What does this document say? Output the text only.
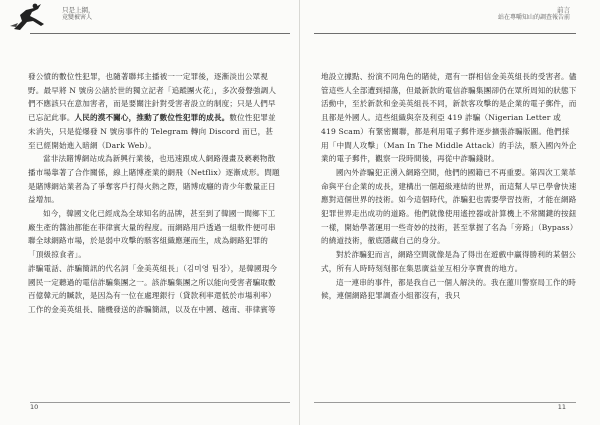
只是上網，
竟變被害人

發公憤的數位性犯罪，也隨著聯邦主播被一一定罪後，逐漸淡出公眾視野。最早將 N 號房公諸於世的獨立記者「追蹤團火花」，多次發聲強調人們不應該只在意加害者，而是要關注針對受害者設立的制度；只是人們早已忘記此事。人民的漠不關心，推動了數位性犯罪的成長。數位性犯罪並未消失，只是從爆發 N 號房事件的 Telegram 轉向 Discord 而已，甚至已經開始進入暗網（Dark Web）。

當非法賭博網站成為新興行業後，也迅速跟成人網路漫畫及褻褻物散播市場靠著了合作關係，線上賭博產業的網飛（Netflix）逐漸成形。問題是賭博網站業者為了爭奪客戶打得火熱之際，賭博成癮的青少年數量正日益增加。

如今，韓國文化已經成為全球知名的品牌，甚至到了韓國一間鄉下工廠生產的醬油都能在菲律賓大量的程度。而網路用戶透過一組軟件便可串聯全球網路市場，於是弱中攻擊的駭客組織應運而生，成為網路犯罪的「頂級掠食者」。

詐騙電話、詐騙簡訊的代名詞「金美英組長」（김미영 팀장），是韓國現今國民一定聽過的電信詐騙集團之一。該詐騙集團之所以能向受害者騙取數百億韓元的贓款，是因為有一位在處理銀行（貸款利率還低於市場利率）工作的金美英組長、隨機發送的詐騙簡訊，以及在中國、越南、菲律賓等

10
前言
站在專嚼知山的調查報告前

地設立據點、扮演不同角色的賭徒，還有一群相信金美英組長的受害者。儘管這些人全部遭到掃蕩，但最新款的電信詐騙集團卻仍在眾所周知的狀態下活動中，至於新款和金美英組長不同，新款客攻擊的是企業的電子郵件，而且都是外國人。這些組織與奈及利亞 419 詐騙（Nigerian Letter 或 419 Scam）有緊密關聯，都是利用電子郵件逐步擴張詐騙版圖。他們採用「中間人攻擊」（Man In The Middle Attack）的手法，駭入國內外企業的電子郵件，觀察一段時間後，再從中詐騙錢財。

國內外詐騙犯正湧入網路空間，他們的國籍已不再重要。第四次工業革命與平台企業的成長，建構出一個超級連結的世界，而這幫人早已學會快速應對這個世界的技術。如今這個時代，詐騙犯也需要學習技術，才能在網路犯罪世界走出成功的道路。他們就像使用遙控器或計算機上不常關鍵的按鈕一樣，開始學著運用一些奇妙的技術，甚至掌握了名為「旁路」（Bypass）的繞道技術，徹底隱藏自己的身分。

對於詐騙犯而言，網路空間就像是為了得出在遊戲中贏得勝利的某個公式，所有人時時刻刻都在集思廣益並互相分享寶貴的地方。

這一連串的事件，都是我自己一個人解決的。我在蓮川警察局工作的時候，連個網路犯罪調查小組都沒有，我只

11
